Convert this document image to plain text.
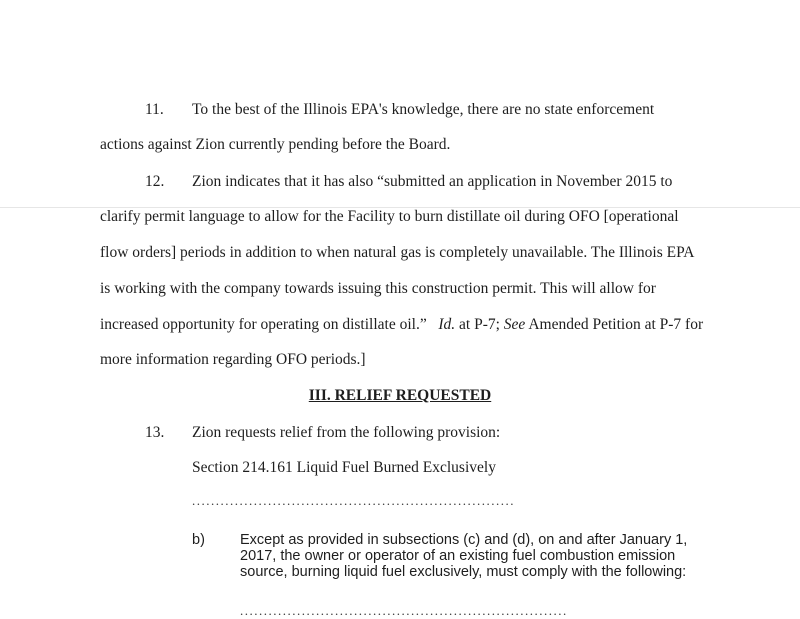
11. To the best of the Illinois EPA's knowledge, there are no state enforcement
actions against Zion currently pending before the Board.
12. Zion indicates that it has also “submitted an application in November 2015 to
clarify permit language to allow for the Facility to burn distillate oil during OFO [operational
flow orders] periods in addition to when natural gas is completely unavailable. The Illinois EPA
is working with the company towards issuing this construction permit. This will allow for
increased opportunity for operating on distillate oil.” Id. at P-7; See Amended Petition at P-7 for
more information regarding OFO periods.]
III. RELIEF REQUESTED
13. Zion requests relief from the following provision:
Section 214.161 Liquid Fuel Burned Exclusively
....................................................................
b) Except as provided in subsections (c) and (d), on and after January 1,
2017, the owner or operator of an existing fuel combustion emission
source, burning liquid fuel exclusively, must comply with the following:
.....................................................................
